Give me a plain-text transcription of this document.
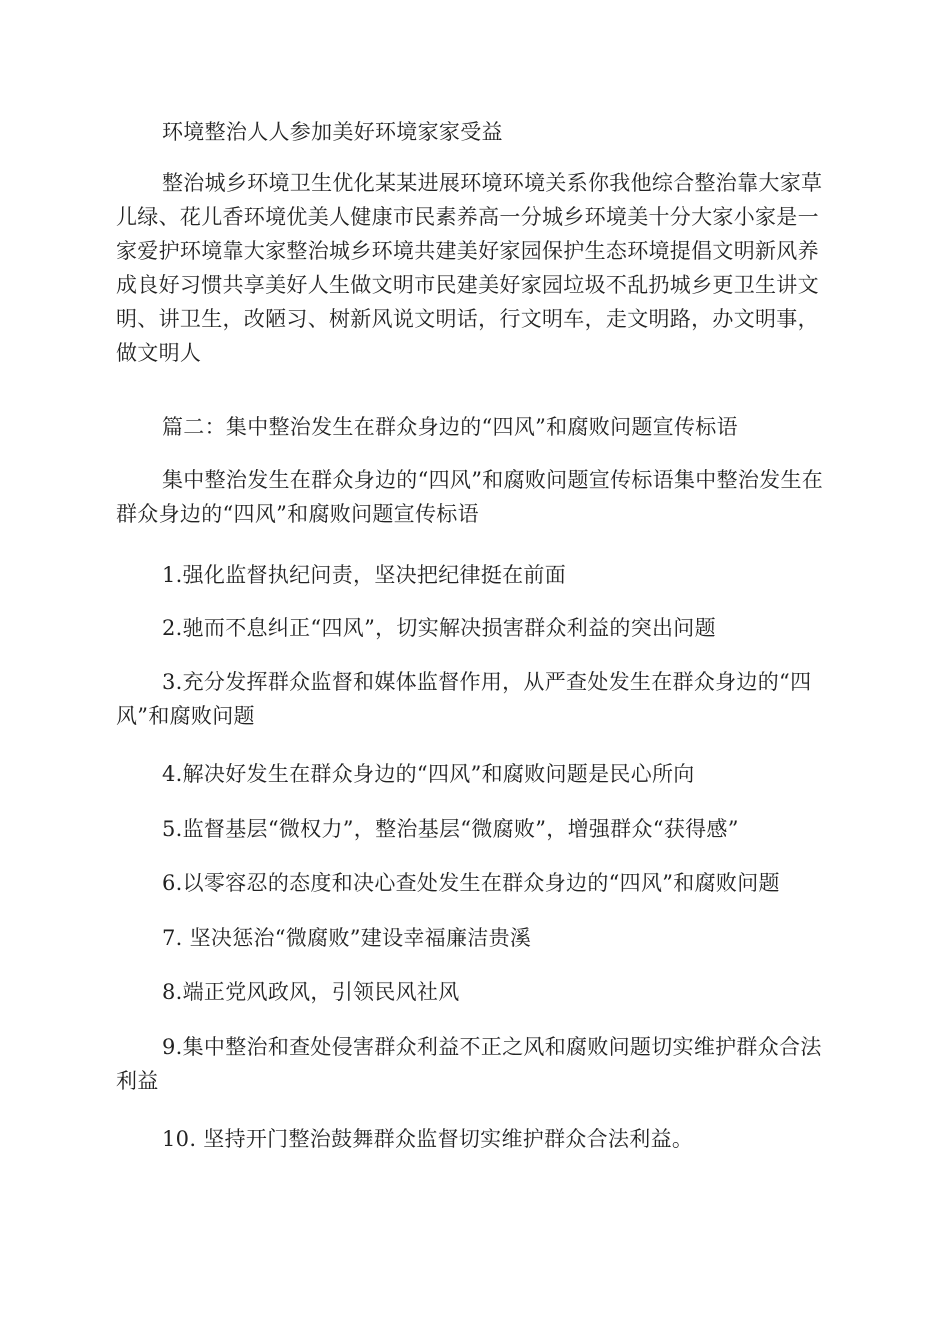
环境整治人人参加美好环境家家受益

整治城乡环境卫生优化某某进展环境环境关系你我他综合整治靠大家草儿绿、花儿香环境优美人健康市民素养高一分城乡环境美十分大家小家是一家爱护环境靠大家整治城乡环境共建美好家园保护生态环境提倡文明新风养成良好习惯共享美好人生做文明市民建美好家园垃圾不乱扔城乡更卫生讲文明、讲卫生，改陋习、树新风说文明话，行文明车，走文明路，办文明事，做文明人

篇二：集中整治发生在群众身边的“四风”和腐败问题宣传标语

集中整治发生在群众身边的“四风”和腐败问题宣传标语集中整治发生在群众身边的“四风”和腐败问题宣传标语

1.强化监督执纪问责，坚决把纪律挺在前面

2.驰而不息纠正“四风”，切实解决损害群众利益的突出问题

3.充分发挥群众监督和媒体监督作用，从严查处发生在群众身边的“四风”和腐败问题

4.解决好发生在群众身边的“四风”和腐败问题是民心所向

5.监督基层“微权力”，整治基层“微腐败”，增强群众“获得感”

6.以零容忍的态度和决心查处发生在群众身边的“四风”和腐败问题

7. 坚决惩治“微腐败”建设幸福廉洁贵溪

8.端正党风政风，引领民风社风

9.集中整治和查处侵害群众利益不正之风和腐败问题切实维护群众合法利益

10. 坚持开门整治鼓舞群众监督切实维护群众合法利益。
